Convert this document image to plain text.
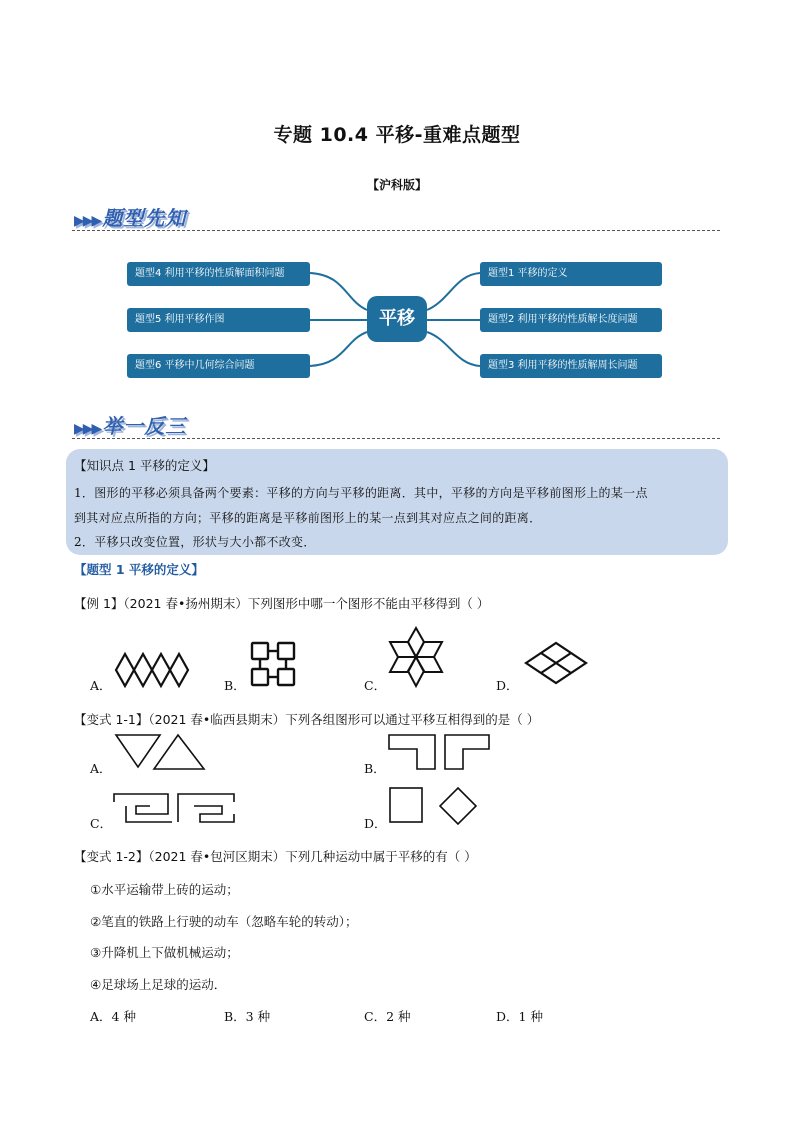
专题 10.4 平移-重难点题型
【沪科版】
▶▶▶ 题型先知
平移
题型4 利用平移的性质解面积问题
题型5 利用平移作图
题型6 平移中几何综合问题
题型1 平移的定义
题型2 利用平移的性质解长度问题
题型3 利用平移的性质解周长问题
▶▶▶ 举一反三
【知识点 1 平移的定义】
1．图形的平移必须具备两个要素：平移的方向与平移的距离．其中，平移的方向是平移前图形上的某一点
到其对应点所指的方向；平移的距离是平移前图形上的某一点到其对应点之间的距离．
2．平移只改变位置，形状与大小都不改变．
【题型 1 平移的定义】
【例 1】（2021 春•扬州期末）下列图形中哪一个图形不能由平移得到（ ）
A．	B．	C．	D．
【变式 1-1】（2021 春•临西县期末）下列各组图形可以通过平移互相得到的是（ ）
A．	B．
C．	D．
【变式 1-2】（2021 春•包河区期末）下列几种运动中属于平移的有（ ）
①水平运输带上砖的运动；
②笔直的铁路上行驶的动车（忽略车轮的转动）；
③升降机上下做机械运动；
④足球场上足球的运动．
A．4 种	B．3 种	C．2 种	D．1 种
